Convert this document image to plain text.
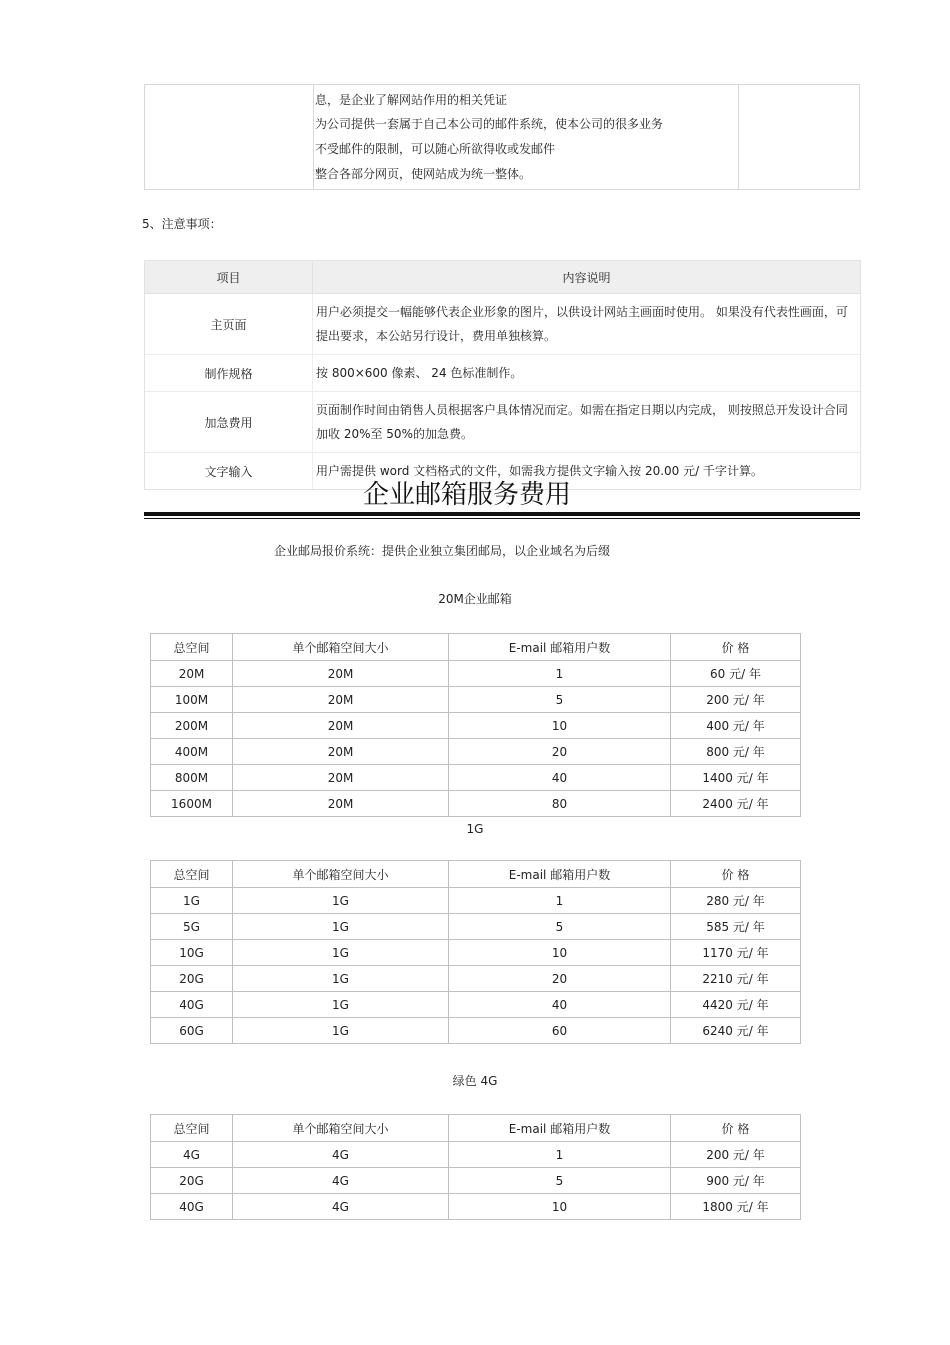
息，是企业了解网站作用的相关凭证
为公司提供一套属于自己本公司的邮件系统，使本公司的很多业务
不受邮件的限制，可以随心所欲得收或发邮件
整合各部分网页，使网站成为统一整体。
5、注意事项：
项目	内容说明
主页面	用户必须提交一幅能够代表企业形象的图片，以供设计网站主画面时使用。 如果没有代表性画面，可提出要求，本公站另行设计，费用单独核算。
制作规格	按 800×600 像素、 24 色标准制作。
加急费用	页面制作时间由销售人员根据客户具体情况而定。如需在指定日期以内完成， 则按照总开发设计合同加收 20%至 50%的加急费。
文字输入	用户需提供 word 文档格式的文件，如需我方提供文字输入按 20.00 元/ 千字计算。
企业邮箱服务费用
企业邮局报价系统：提供企业独立集团邮局，以企业域名为后缀
20M企业邮箱
总空间	单个邮箱空间大小	E-mail 邮箱用户数	价 格
20M	20M	1	60 元/ 年
100M	20M	5	200 元/ 年
200M	20M	10	400 元/ 年
400M	20M	20	800 元/ 年
800M	20M	40	1400 元/ 年
1600M	20M	80	2400 元/ 年
1G
总空间	单个邮箱空间大小	E-mail 邮箱用户数	价 格
1G	1G	1	280 元/ 年
5G	1G	5	585 元/ 年
10G	1G	10	1170 元/ 年
20G	1G	20	2210 元/ 年
40G	1G	40	4420 元/ 年
60G	1G	60	6240 元/ 年
绿色 4G
总空间	单个邮箱空间大小	E-mail 邮箱用户数	价 格
4G	4G	1	200 元/ 年
20G	4G	5	900 元/ 年
40G	4G	10	1800 元/ 年
